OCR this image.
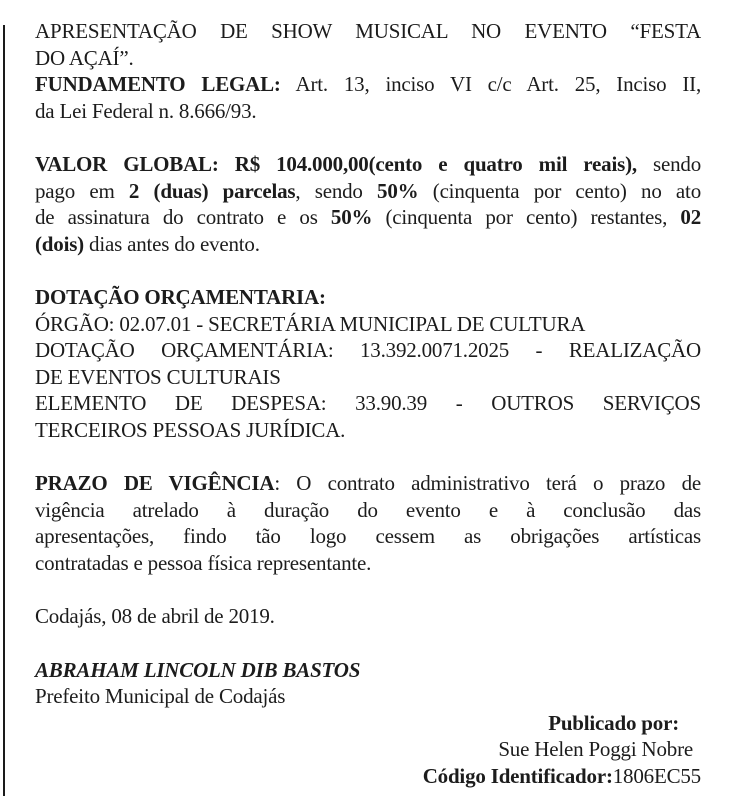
APRESENTAÇÃO DE SHOW MUSICAL NO EVENTO “FESTA
DO AÇAÍ”.
FUNDAMENTO LEGAL: Art. 13, inciso VI c/c Art. 25, Inciso II,
da Lei Federal n. 8.666/93.
VALOR GLOBAL: R$ 104.000,00(cento e quatro mil reais), sendo
pago em 2 (duas) parcelas, sendo 50% (cinquenta por cento) no ato
de assinatura do contrato e os 50% (cinquenta por cento) restantes, 02
(dois) dias antes do evento.
DOTAÇÃO ORÇAMENTARIA:
ÓRGÃO: 02.07.01 - SECRETÁRIA MUNICIPAL DE CULTURA
DOTAÇÃO ORÇAMENTÁRIA: 13.392.0071.2025 - REALIZAÇÃO
DE EVENTOS CULTURAIS
ELEMENTO DE DESPESA: 33.90.39 - OUTROS SERVIÇOS
TERCEIROS PESSOAS JURÍDICA.
PRAZO DE VIGÊNCIA: O contrato administrativo terá o prazo de
vigência atrelado à duração do evento e à conclusão das
apresentações, findo tão logo cessem as obrigações artísticas
contratadas e pessoa física representante.
Codajás, 08 de abril de 2019.
ABRAHAM LINCOLN DIB BASTOS
Prefeito Municipal de Codajás
Publicado por:
Sue Helen Poggi Nobre
Código Identificador:1806EC55
